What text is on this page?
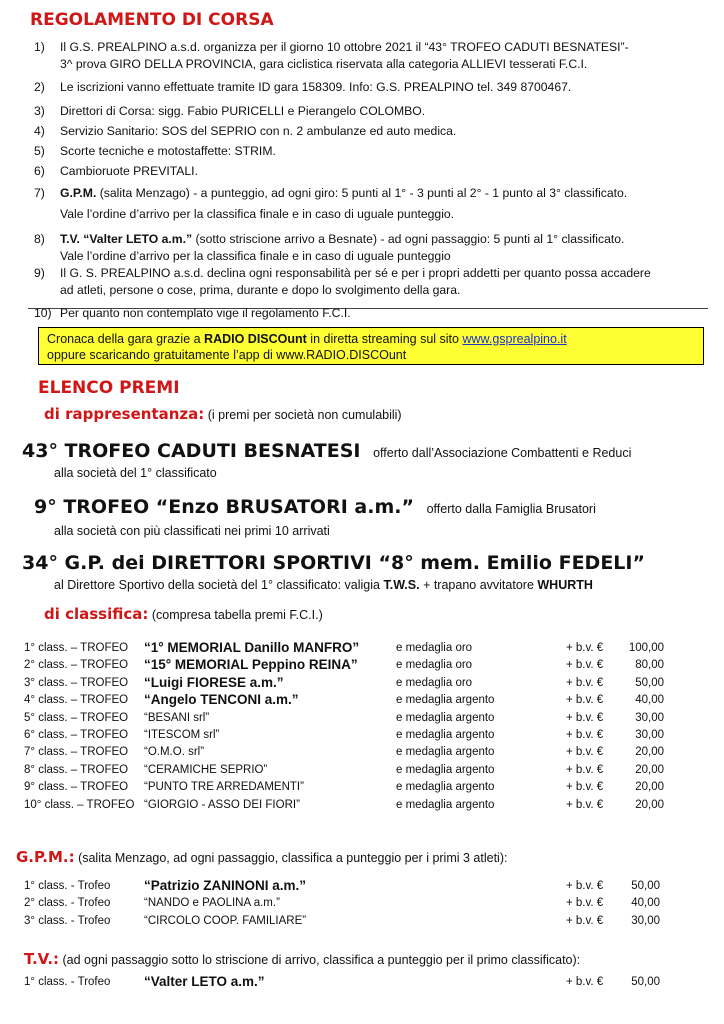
REGOLAMENTO DI CORSA
1)	Il G.S. PREALPINO a.s.d. organizza per il giorno 10 ottobre 2021 il “43° TROFEO CADUTI BESNATESI”-
3^ prova GIRO DELLA PROVINCIA, gara ciclistica riservata alla categoria ALLIEVI tesserati F.C.I.
2)	Le iscrizioni vanno effettuate tramite ID gara 158309. Info: G.S. PREALPINO tel. 349 8700467.
3)	Direttori di Corsa: sigg. Fabio PURICELLI e Pierangelo COLOMBO.
4)	Servizio Sanitario: SOS del SEPRIO con n. 2 ambulanze ed auto medica.
5)	Scorte tecniche e motostaffette: STRIM.
6)	Cambioruote PREVITALI.
7)	G.P.M. (salita Menzago) - a punteggio, ad ogni giro: 5 punti al 1° - 3 punti al 2° - 1 punto al 3° classificato.
Vale l’ordine d’arrivo per la classifica finale e in caso di uguale punteggio.
8)	T.V. “Valter LETO a.m.” (sotto striscione arrivo a Besnate) - ad ogni passaggio: 5 punti al 1° classificato.
Vale l’ordine d’arrivo per la classifica finale e in caso di uguale punteggio
9)	Il G. S. PREALPINO a.s.d. declina ogni responsabilità per sé e per i propri addetti per quanto possa accadere
ad atleti, persone o cose, prima, durante e dopo lo svolgimento della gara.
10) Per quanto non contemplato vige il regolamento F.C.I.
Cronaca della gara grazie a RADIO DISCOunt in diretta streaming sul sito www.gsprealpino.it
oppure scaricando gratuitamente l’app di www.RADIO.DISCOunt
ELENCO PREMI
di rappresentanza: (i premi per società non cumulabili)
43° TROFEO CADUTI BESNATESI offerto dall’Associazione Combattenti e Reduci
alla società del 1° classificato
9° TROFEO “Enzo BRUSATORI a.m.” offerto dalla Famiglia Brusatori
alla società con più classificati nei primi 10 arrivati
34° G.P. dei DIRETTORI SPORTIVI “8° mem. Emilio FEDELI”
al Direttore Sportivo della società del 1° classificato: valigia T.W.S. + trapano avvitatore WHURTH
di classifica: (compresa tabella premi F.C.I.)
1° class. – TROFEO “1° MEMORIAL Danillo MANFRO”	e medaglia oro	+ b.v. €	100,00
2° class. – TROFEO “15° MEMORIAL Peppino REINA”	e medaglia oro	+ b.v. €	80,00
3° class. – TROFEO “Luigi FIORESE a.m.”	e medaglia oro	+ b.v. €	50,00
4° class. – TROFEO “Angelo TENCONI a.m.”	e medaglia argento	+ b.v. €	40,00
5° class. – TROFEO “BESANI srl”	e medaglia argento	+ b.v. €	30,00
6° class. – TROFEO “ITESCOM srl”	e medaglia argento	+ b.v. €	30,00
7° class. – TROFEO “O.M.O. srl”	e medaglia argento	+ b.v. €	20,00
8° class. – TROFEO “CERAMICHE SEPRIO”	e medaglia argento	+ b.v. €	20,00
9° class. – TROFEO “PUNTO TRE ARREDAMENTI”	e medaglia argento	+ b.v. €	20,00
10° class. – TROFEO “GIORGIO - ASSO DEI FIORI”	e medaglia argento	+ b.v. €	20,00
G.P.M.: (salita Menzago, ad ogni passaggio, classifica a punteggio per i primi 3 atleti):
1° class. - Trofeo “Patrizio ZANINONI a.m.”	+ b.v. €	50,00
2° class. - Trofeo	“NANDO e PAOLINA a.m.”	+ b.v. €	40,00
3° class. - Trofeo	“CIRCOLO COOP. FAMILIARE”	+ b.v. €	30,00
T.V.: (ad ogni passaggio sotto lo striscione di arrivo, classifica a punteggio per il primo classificato):
1° class. - Trofeo “Valter LETO a.m.”	+ b.v. €	50,00
